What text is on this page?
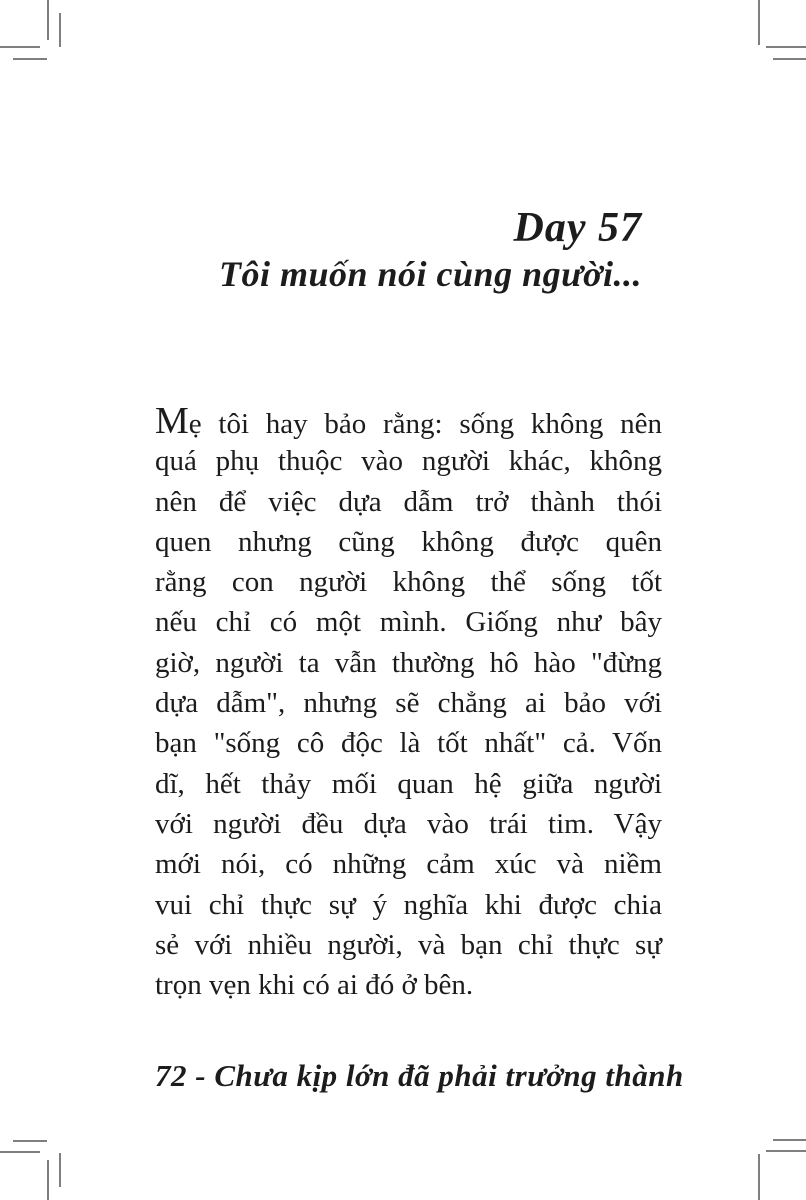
Day 57
Tôi muốn nói cùng người...
Mẹ tôi hay bảo rằng: sống không nên
quá phụ thuộc vào người khác, không
nên để việc dựa dẫm trở thành thói
quen nhưng cũng không được quên
rằng con người không thể sống tốt
nếu chỉ có một mình. Giống như bây
giờ, người ta vẫn thường hô hào "đừng
dựa dẫm", nhưng sẽ chẳng ai bảo với
bạn "sống cô độc là tốt nhất" cả. Vốn
dĩ, hết thảy mối quan hệ giữa người
với người đều dựa vào trái tim. Vậy
mới nói, có những cảm xúc và niềm
vui chỉ thực sự ý nghĩa khi được chia
sẻ với nhiều người, và bạn chỉ thực sự
trọn vẹn khi có ai đó ở bên.
72 - Chưa kịp lớn đã phải trưởng thành
